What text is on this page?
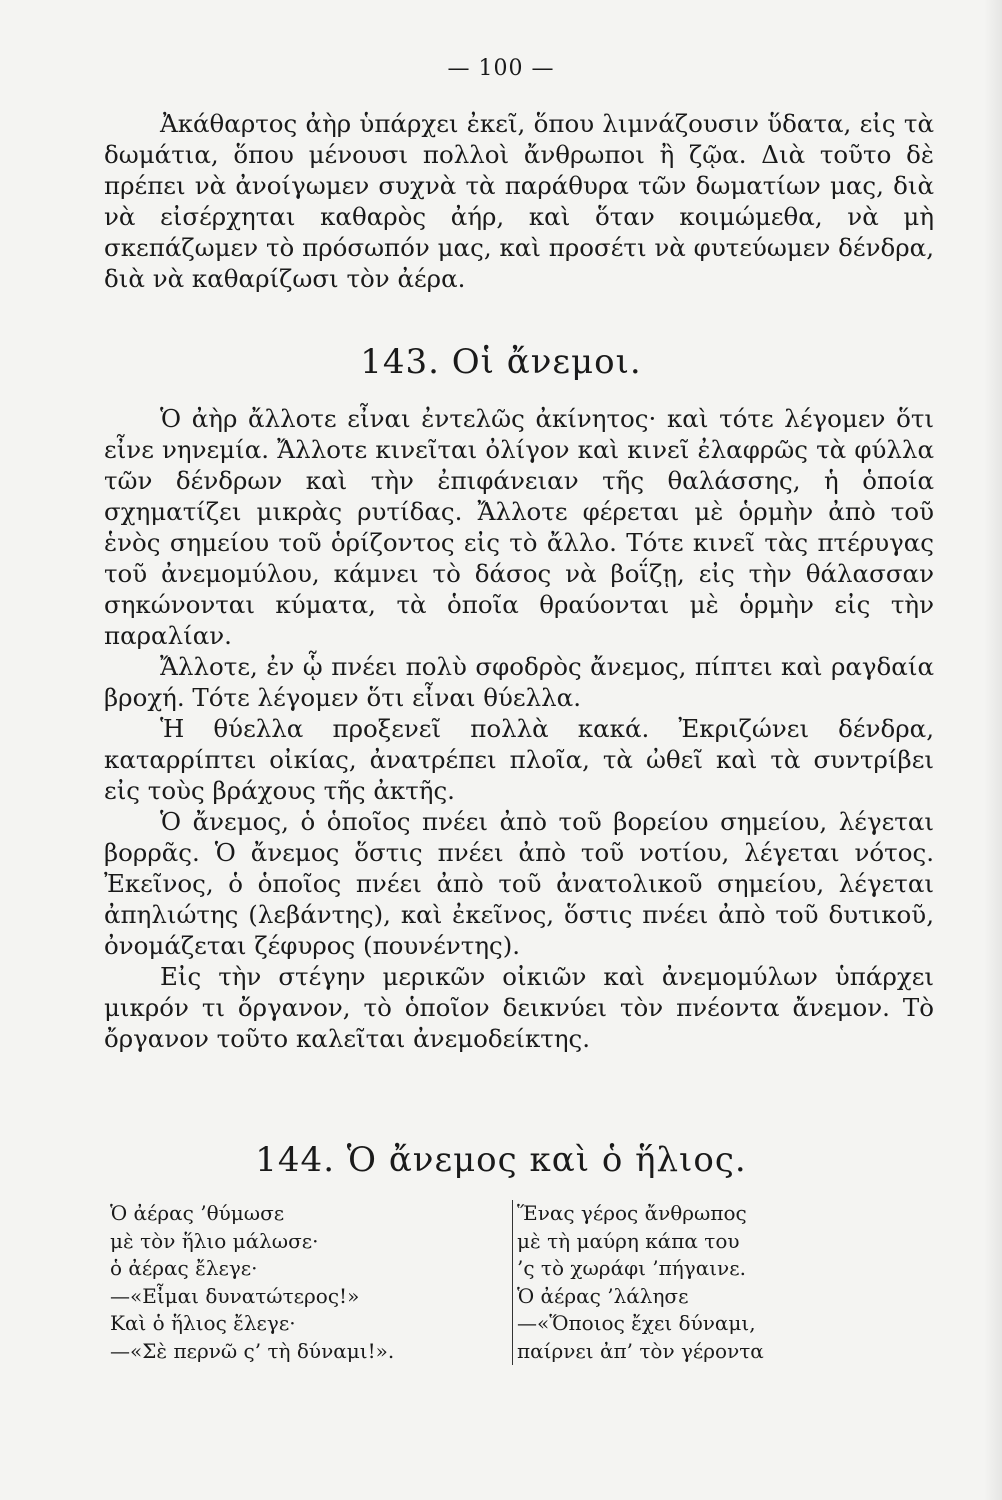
— 100 —

Ἀκάθαρτος ἀὴρ ὑπάρχει ἐκεῖ, ὅπου λιμνάζουσιν ὕδατα, εἰς τὰ δωμάτια, ὅπου μένουσι πολλοὶ ἄνθρωποι ἢ ζῷα. Διὰ τοῦτο δὲ πρέπει νὰ ἀνοίγωμεν συχνὰ τὰ παράθυρα τῶν δωματίων μας, διὰ νὰ εἰσέρχηται καθαρὸς ἀήρ, καὶ ὅταν κοιμώμεθα, νὰ μὴ σκεπάζωμεν τὸ πρόσωπόν μας, καὶ προσέτι νὰ φυτεύωμεν δένδρα, διὰ νὰ καθαρίζωσι τὸν ἀέρα.

143. Οἱ ἄνεμοι.

Ὁ ἀὴρ ἄλλοτε εἶναι ἐντελῶς ἀκίνητος· καὶ τότε λέγομεν ὅτι εἶνε νηνεμία. Ἄλλοτε κινεῖται ὀλίγον καὶ κινεῖ ἐλαφρῶς τὰ φύλλα τῶν δένδρων καὶ τὴν ἐπιφάνειαν τῆς θαλάσσης, ἡ ὁποία σχηματίζει μικρὰς ρυτίδας. Ἄλλοτε φέρεται μὲ ὁρμὴν ἀπὸ τοῦ ἑνὸς σημείου τοῦ ὁρίζοντος εἰς τὸ ἄλλο. Τότε κινεῖ τὰς πτέρυγας τοῦ ἀνεμομύλου, κάμνει τὸ δάσος νὰ βοΐζῃ, εἰς τὴν θάλασσαν σηκώνονται κύματα, τὰ ὁποῖα θραύονται μὲ ὁρμὴν εἰς τὴν παραλίαν.

Ἄλλοτε, ἐν ᾧ πνέει πολὺ σφοδρὸς ἄνεμος, πίπτει καὶ ραγδαία βροχή. Τότε λέγομεν ὅτι εἶναι θύελλα.

Ἡ θύελλα προξενεῖ πολλὰ κακά. Ἐκριζώνει δένδρα, καταρρίπτει οἰκίας, ἀνατρέπει πλοῖα, τὰ ὠθεῖ καὶ τὰ συντρίβει εἰς τοὺς βράχους τῆς ἀκτῆς.

Ὁ ἄνεμος, ὁ ὁποῖος πνέει ἀπὸ τοῦ βορείου σημείου, λέγεται βορρᾶς. Ὁ ἄνεμος ὅστις πνέει ἀπὸ τοῦ νοτίου, λέγεται νότος. Ἐκεῖνος, ὁ ὁποῖος πνέει ἀπὸ τοῦ ἀνατολικοῦ σημείου, λέγεται ἀπηλιώτης (λεβάντης), καὶ ἐκεῖνος, ὅστις πνέει ἀπὸ τοῦ δυτικοῦ, ὀνομάζεται ζέφυρος (πουνέντης).

Εἰς τὴν στέγην μερικῶν οἰκιῶν καὶ ἀνεμομύλων ὑπάρχει μικρόν τι ὄργανον, τὸ ὁποῖον δεικνύει τὸν πνέοντα ἄνεμον. Τὸ ὄργανον τοῦτο καλεῖται ἀνεμοδείκτης.

144. Ὁ ἄνεμος καὶ ὁ ἥλιος.
Ὁ ἀέρας ’θύμωσε
μὲ τὸν ἥλιο μάλωσε·
ὁ ἀέρας ἔλεγε·
—«Εἶμαι δυνατώτερος!»
Καὶ ὁ ἥλιος ἔλεγε·
—«Σὲ περνῶ ς’ τὴ δύναμι!».
Ἕνας γέρος ἄνθρωπος
μὲ τὴ μαύρη κάπα του
’ς τὸ χωράφι ’πήγαινε.
Ὁ ἀέρας ’λάλησε
—«Ὅποιος ἔχει δύναμι,
παίρνει ἀπ’ τὸν γέροντα
